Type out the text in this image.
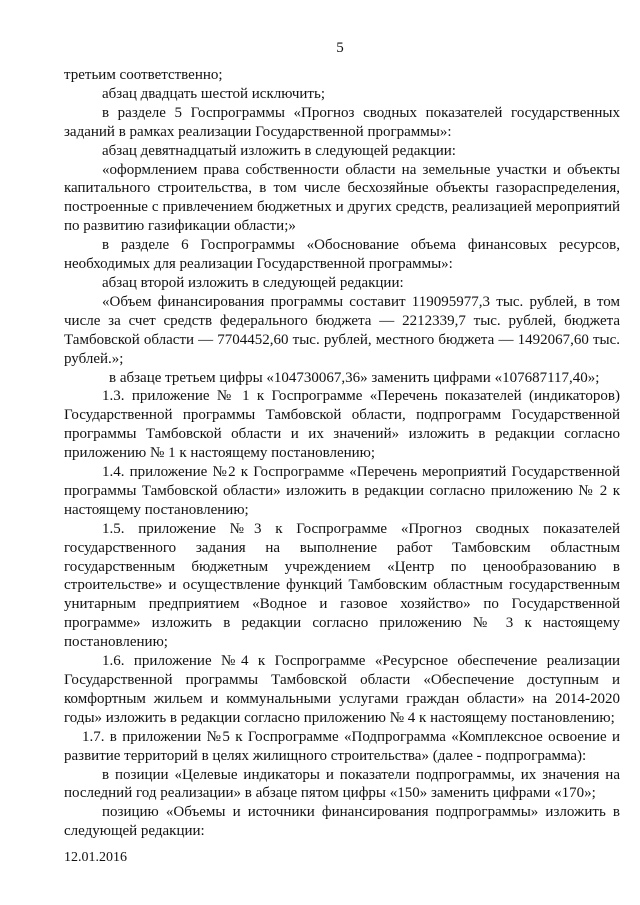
5

третьим соответственно;

абзац двадцать шестой исключить;

в разделе 5 Госпрограммы «Прогноз сводных показателей государственных заданий в рамках реализации Государственной программы»:

абзац девятнадцатый изложить в следующей редакции:

«оформлением права собственности области на земельные участки и объекты капитального строительства, в том числе бесхозяйные объекты газораспределения, построенные с привлечением бюджетных и других средств, реализацией мероприятий по развитию газификации области;»

в разделе 6 Госпрограммы «Обоснование объема финансовых ресурсов, необходимых для реализации Государственной программы»:

абзац второй изложить в следующей редакции:

«Объем финансирования программы составит 119095977,3 тыс. рублей, в том числе за счет средств федерального бюджета — 2212339,7 тыс. рублей, бюджета Тамбовской области — 7704452,60 тыс. рублей, местного бюджета — 1492067,60 тыс. рублей.»;

в абзаце третьем цифры «104730067,36» заменить цифрами «107687117,40»;

1.3. приложение № 1 к Госпрограмме «Перечень показателей (индикаторов) Государственной программы Тамбовской области, подпрограмм Государственной программы Тамбовской области и их значений» изложить в редакции согласно приложению № 1 к настоящему постановлению;

1.4. приложение №2 к Госпрограмме «Перечень мероприятий Государственной программы Тамбовской области» изложить в редакции согласно приложению № 2 к настоящему постановлению;

1.5. приложение №3 к Госпрограмме «Прогноз сводных показателей государственного задания на выполнение работ Тамбовским областным государственным бюджетным учреждением «Центр по ценообразованию в строительстве» и осуществление функций Тамбовским областным государственным унитарным предприятием «Водное и газовое хозяйство» по Государственной программе» изложить в редакции согласно приложению № 3 к настоящему постановлению;

1.6. приложение №4 к Госпрограмме «Ресурсное обеспечение реализации Государственной программы Тамбовской области «Обеспечение доступным и комфортным жильем и коммунальными услугами граждан области» на 2014-2020 годы» изложить в редакции согласно приложению № 4 к настоящему постановлению;

1.7. в приложении №5 к Госпрограмме «Подпрограмма «Комплексное освоение и развитие территорий в целях жилищного строительства» (далее - подпрограмма):

в позиции «Целевые индикаторы и показатели подпрограммы, их значения на последний год реализации» в абзаце пятом цифры «150» заменить цифрами «170»;

позицию «Объемы и источники финансирования подпрограммы» изложить в следующей редакции:

12.01.2016
